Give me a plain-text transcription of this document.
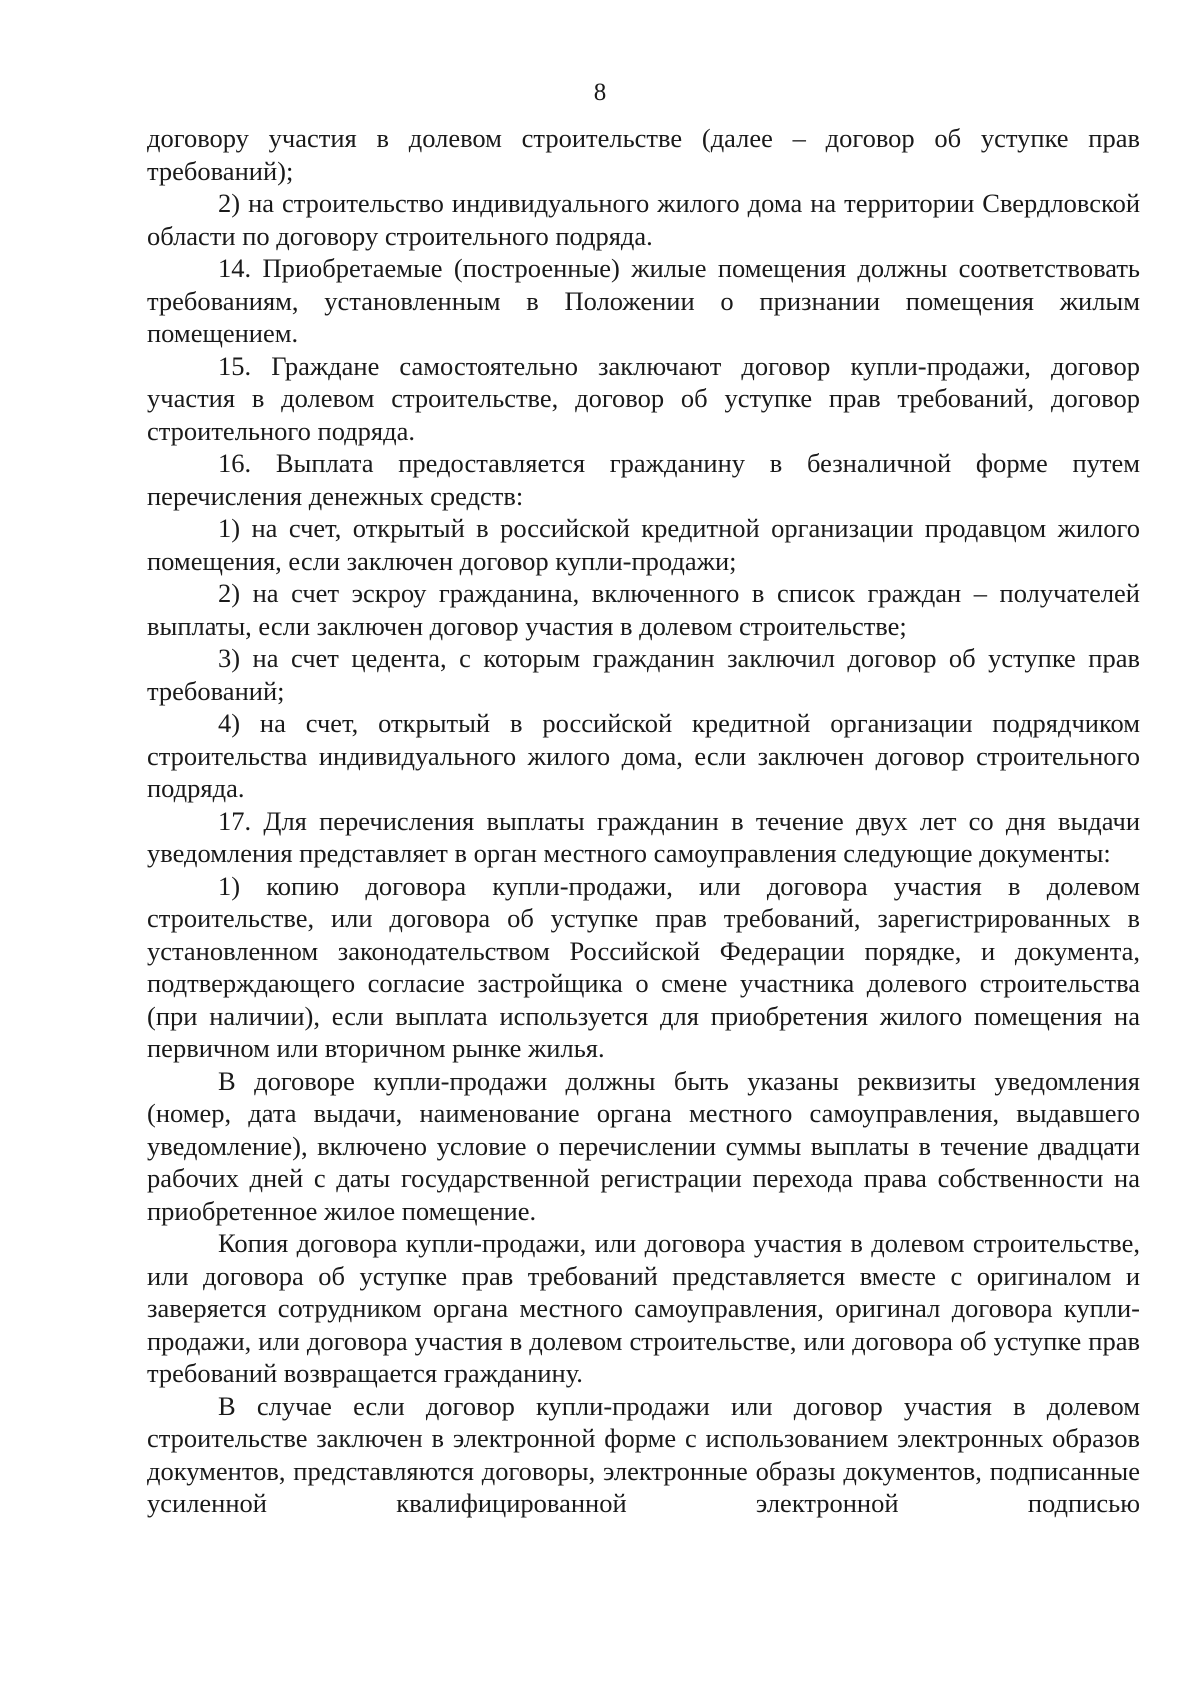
8

договору участия в долевом строительстве (далее – договор об уступке прав требований);

2) на строительство индивидуального жилого дома на территории Свердловской области по договору строительного подряда.

14. Приобретаемые (построенные) жилые помещения должны соответствовать требованиям, установленным в Положении о признании помещения жилым помещением.

15. Граждане самостоятельно заключают договор купли-продажи, договор участия в долевом строительстве, договор об уступке прав требований, договор строительного подряда.

16. Выплата предоставляется гражданину в безналичной форме путем перечисления денежных средств:

1) на счет, открытый в российской кредитной организации продавцом жилого помещения, если заключен договор купли-продажи;

2) на счет эскроу гражданина, включенного в список граждан – получателей выплаты, если заключен договор участия в долевом строительстве;

3) на счет цедента, с которым гражданин заключил договор об уступке прав требований;

4) на счет, открытый в российской кредитной организации подрядчиком строительства индивидуального жилого дома, если заключен договор строительного подряда.

17. Для перечисления выплаты гражданин в течение двух лет со дня выдачи уведомления представляет в орган местного самоуправления следующие документы:

1) копию договора купли-продажи, или договора участия в долевом строительстве, или договора об уступке прав требований, зарегистрированных в установленном законодательством Российской Федерации порядке, и документа, подтверждающего согласие застройщика о смене участника долевого строительства (при наличии), если выплата используется для приобретения жилого помещения на первичном или вторичном рынке жилья.

В договоре купли-продажи должны быть указаны реквизиты уведомления (номер, дата выдачи, наименование органа местного самоуправления, выдавшего уведомление), включено условие о перечислении суммы выплаты в течение двадцати рабочих дней с даты государственной регистрации перехода права собственности на приобретенное жилое помещение.

Копия договора купли-продажи, или договора участия в долевом строительстве, или договора об уступке прав требований представляется вместе с оригиналом и заверяется сотрудником органа местного самоуправления, оригинал договора купли-продажи, или договора участия в долевом строительстве, или договора об уступке прав требований возвращается гражданину.

В случае если договор купли-продажи или договор участия в долевом строительстве заключен в электронной форме с использованием электронных образов документов, представляются договоры, электронные образы документов, подписанные усиленной квалифицированной электронной подписью
